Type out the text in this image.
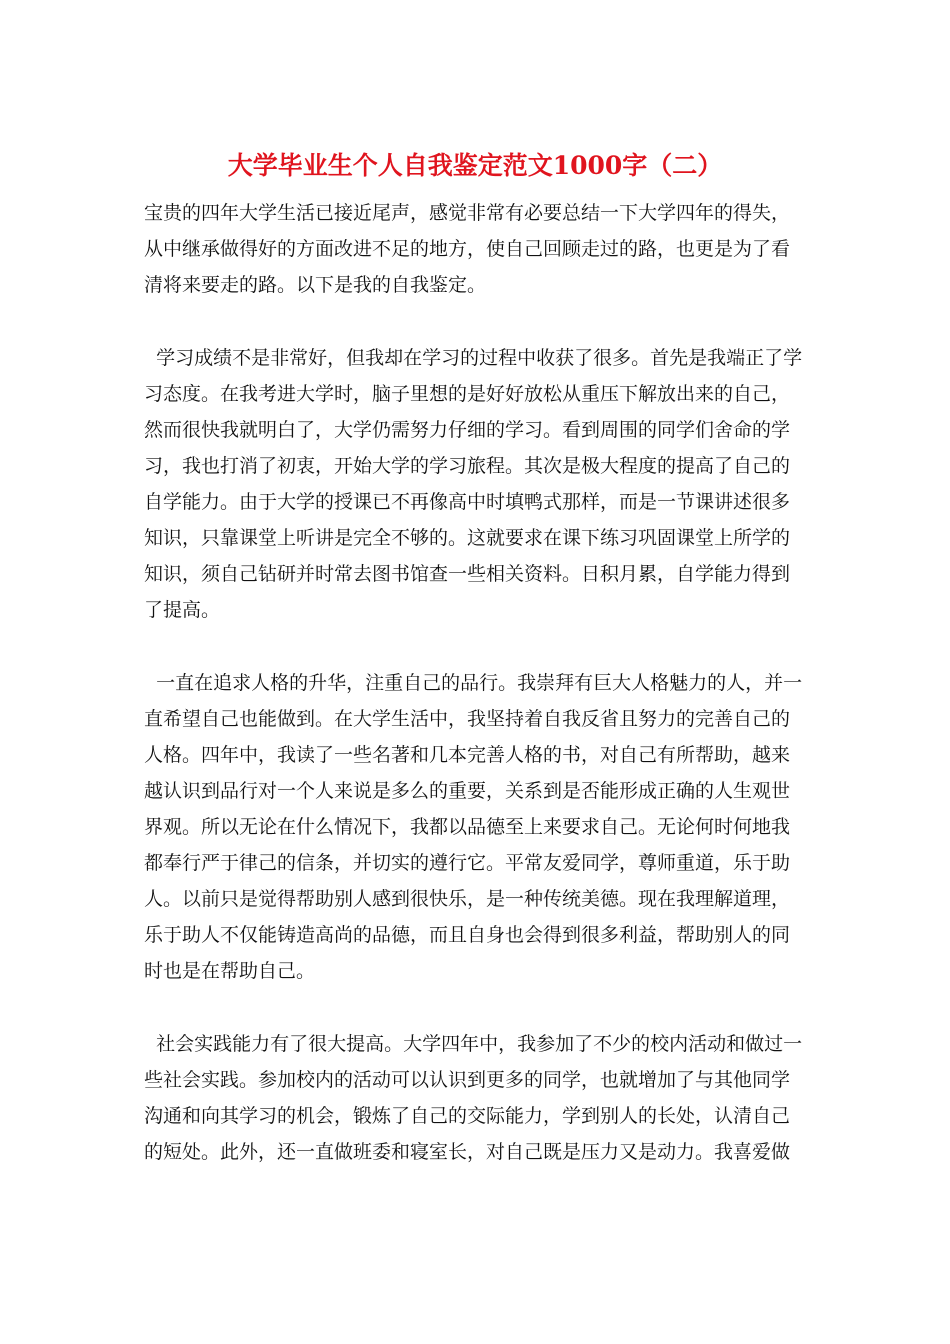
大学毕业生个人自我鉴定范文1000字（二）
宝贵的四年大学生活已接近尾声，感觉非常有必要总结一下大学四年的得失，
从中继承做得好的方面改进不足的地方，使自己回顾走过的路，也更是为了看
清将来要走的路。以下是我的自我鉴定。
学习成绩不是非常好，但我却在学习的过程中收获了很多。首先是我端正了学
习态度。在我考进大学时，脑子里想的是好好放松从重压下解放出来的自己，
然而很快我就明白了，大学仍需努力仔细的学习。看到周围的同学们舍命的学
习，我也打消了初衷，开始大学的学习旅程。其次是极大程度的提高了自己的
自学能力。由于大学的授课已不再像高中时填鸭式那样，而是一节课讲述很多
知识，只靠课堂上听讲是完全不够的。这就要求在课下练习巩固课堂上所学的
知识，须自己钻研并时常去图书馆查一些相关资料。日积月累，自学能力得到
了提高。
一直在追求人格的升华，注重自己的品行。我崇拜有巨大人格魅力的人，并一
直希望自己也能做到。在大学生活中，我坚持着自我反省且努力的完善自己的
人格。四年中，我读了一些名著和几本完善人格的书，对自己有所帮助，越来
越认识到品行对一个人来说是多么的重要，关系到是否能形成正确的人生观世
界观。所以无论在什么情况下，我都以品德至上来要求自己。无论何时何地我
都奉行严于律己的信条，并切实的遵行它。平常友爱同学，尊师重道，乐于助
人。以前只是觉得帮助别人感到很快乐，是一种传统美德。现在我理解道理，
乐于助人不仅能铸造高尚的品德，而且自身也会得到很多利益，帮助别人的同
时也是在帮助自己。
社会实践能力有了很大提高。大学四年中，我参加了不少的校内活动和做过一
些社会实践。参加校内的活动可以认识到更多的同学，也就增加了与其他同学
沟通和向其学习的机会，锻炼了自己的交际能力，学到别人的长处，认清自己
的短处。此外，还一直做班委和寝室长，对自己既是压力又是动力。我喜爱做
